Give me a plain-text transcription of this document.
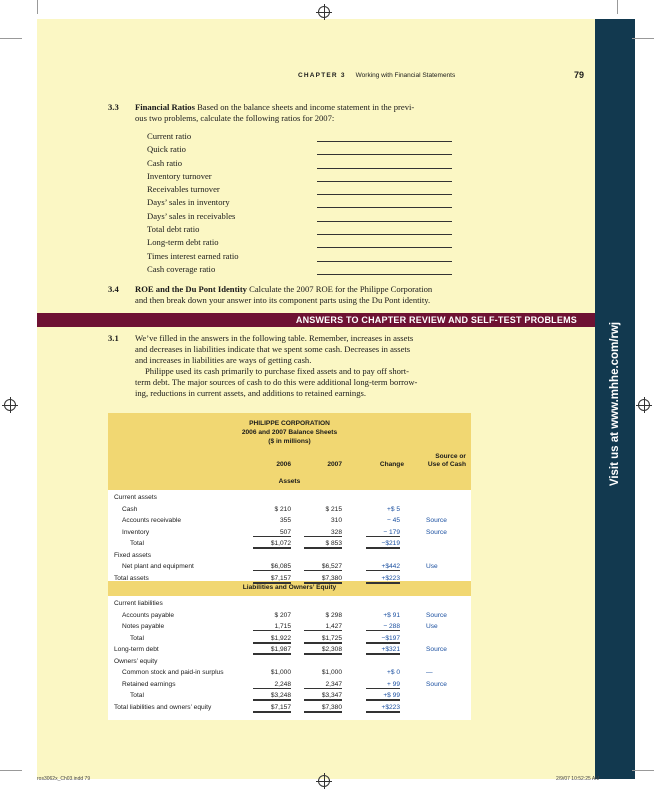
Visit us at www.mhhe.com/rwj
CHAPTER 3 Working with Financial Statements	79
3.3 Financial Ratios Based on the balance sheets and income statement in the previ-
ous two problems, calculate the following ratios for 2007:
Current ratio
Quick ratio
Cash ratio
Inventory turnover
Receivables turnover
Days’ sales in inventory
Days’ sales in receivables
Total debt ratio
Long-term debt ratio
Times interest earned ratio
Cash coverage ratio
3.4 ROE and the Du Pont Identity Calculate the 2007 ROE for the Philippe Corporation
and then break down your answer into its component parts using the Du Pont identity.
ANSWERS TO CHAPTER REVIEW AND SELF-TEST PROBLEMS
3.1 We’ve filled in the answers in the following table. Remember, increases in assets
and decreases in liabilities indicate that we spent some cash. Decreases in assets
and increases in liabilities are ways of getting cash.
Philippe used its cash primarily to purchase fixed assets and to pay off short-
term debt. The major sources of cash to do this were additional long-term borrow-
ing, reductions in current assets, and additions to retained earnings.
PHILIPPE CORPORATION
2006 and 2007 Balance Sheets
($ in millions)
2006	2007	Change
Source or
Use of Cash
Assets
Liabilities and Owners’ Equity
Current assets
Cash	$ 210	$ 215	+$ 5
Accounts receivable	355	310	− 45	Source
Inventory	507	328	− 179	Source
Total	$1,072	$ 853	−$219
Fixed assets
Net plant and equipment	$6,085	$6,527	+$442	Use
Total assets	$7,157	$7,380	+$223
Current liabilities
Accounts payable	$ 207	$ 298	+$ 91	Source
Notes payable	1,715	1,427	− 288	Use
Total	$1,922	$1,725	−$197
Long-term debt	$1,987	$2,308	+$321	Source
Owners’ equity
Common stock and paid-in surplus	$1,000	$1,000	+$ 0	—
Retained earnings	2,248	2,347	+ 99	Source
Total	$3,248	$3,347	+$ 99
Total liabilities and owners’ equity	$7,157	$7,380	+$223
ros3062x_Ch03.indd 79	2/9/07 10:52:25 AM
